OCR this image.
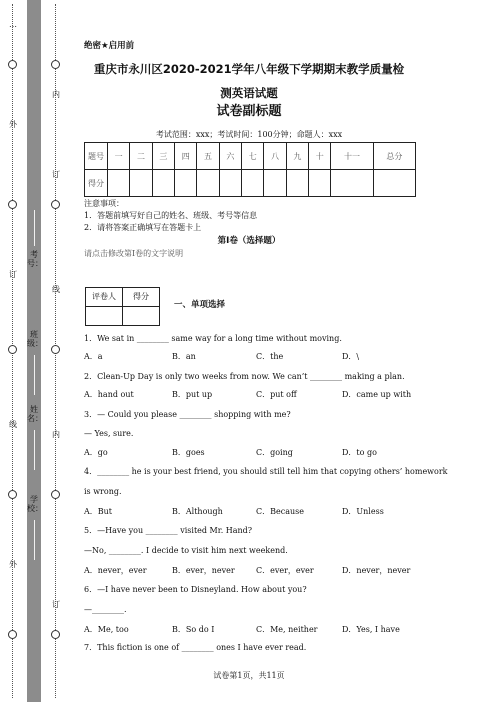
…
外
订
线
外
学校：
姓名：
班级：
考号：
内
订
线
内
订
绝密★启用前
重庆市永川区2020-2021学年八年级下学期期末教学质量检
测英语试题
试卷副标题
考试范围：xxx；考试时间：100分钟；命题人：xxx
题号	一	二	三	四	五	六	七	八	九	十	十一	总分
得分												
注意事项：
1．答题前填写好自己的姓名、班级、考号等信息
2．请将答案正确填写在答题卡上
第I卷（选择题）
请点击修改第I卷的文字说明
评卷人	得分

一、单项选择
1．We sat in ________ same way for a long time without moving.
A．a	B．an	C．the	D．\
2．Clean-Up Day is only two weeks from now. We can’t ________ making a plan.
A．hand out	B．put up	C．put off	D．came up with
3．— Could you please ________ shopping with me?
— Yes, sure.
A．go	B．goes	C．going	D．to go
4．________ he is your best friend, you should still tell him that copying others’ homework
is wrong.
A．But	B．Although	C．Because	D．Unless
5．—Have you ________ visited Mr. Hand?
—No, ________. I decide to visit him next weekend.
A．never，ever	B．ever，never	C．ever，ever	D．never，never
6．—I have never been to Disneyland. How about you?
—________.
A．Me, too	B．So do I	C．Me, neither	D．Yes, I have
7．This fiction is one of ________ ones I have ever read.
试卷第1页，共11页
